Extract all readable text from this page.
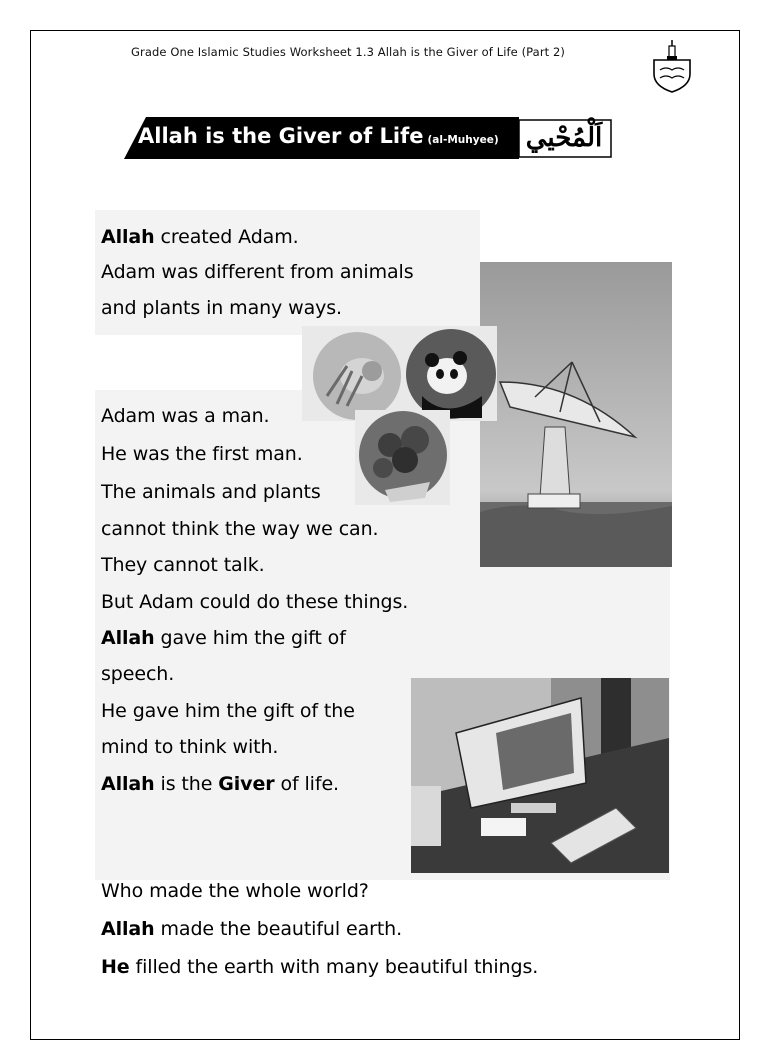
Grade One Islamic Studies Worksheet 1.3 Allah is the Giver of Life (Part 2)
Allah is the Giver of Life (al-Muhyee) اَلْمُحْيي
Allah created Adam.
Adam was different from animals
and plants in many ways.
Adam was a man.
He was the first man.
The animals and plants
cannot think the way we can.
They cannot talk.
But Adam could do these things.
Allah gave him the gift of
speech.
He gave him the gift of the
mind to think with.
Allah is the Giver of life.
Who made the whole world?
Allah made the beautiful earth.
He filled the earth with many beautiful things.
